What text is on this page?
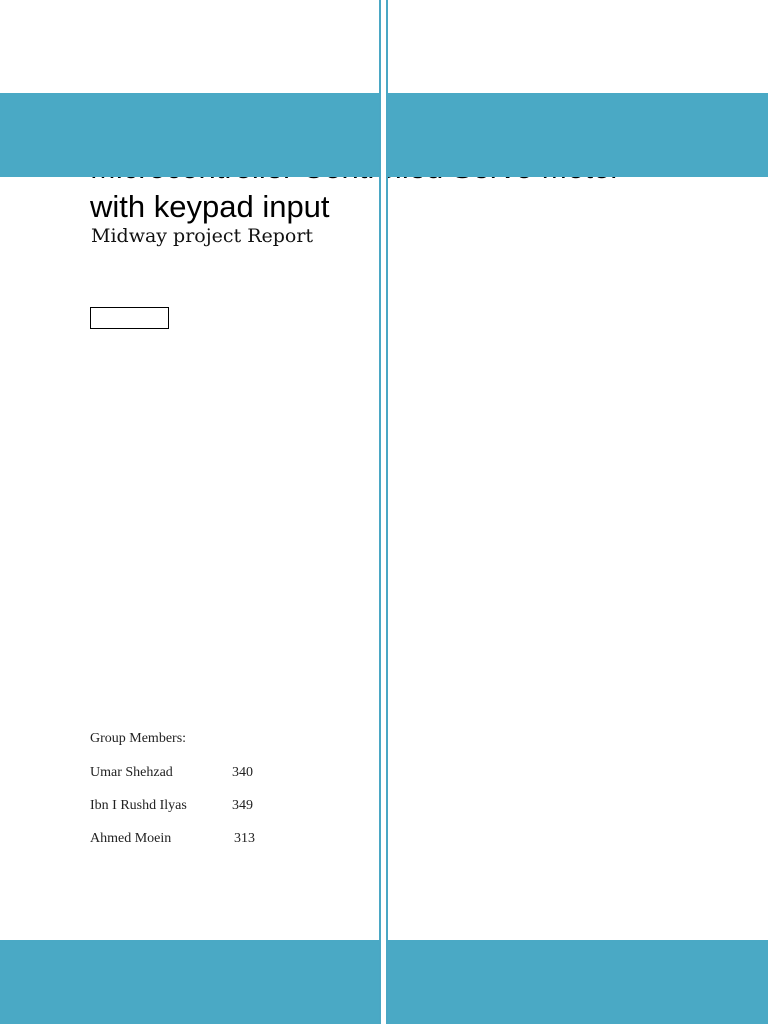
with keypad input
Midway project Report
Group Members:
Umar Shehzad	340
Ibn I Rushd Ilyas	349
Ahmed Moein	313
